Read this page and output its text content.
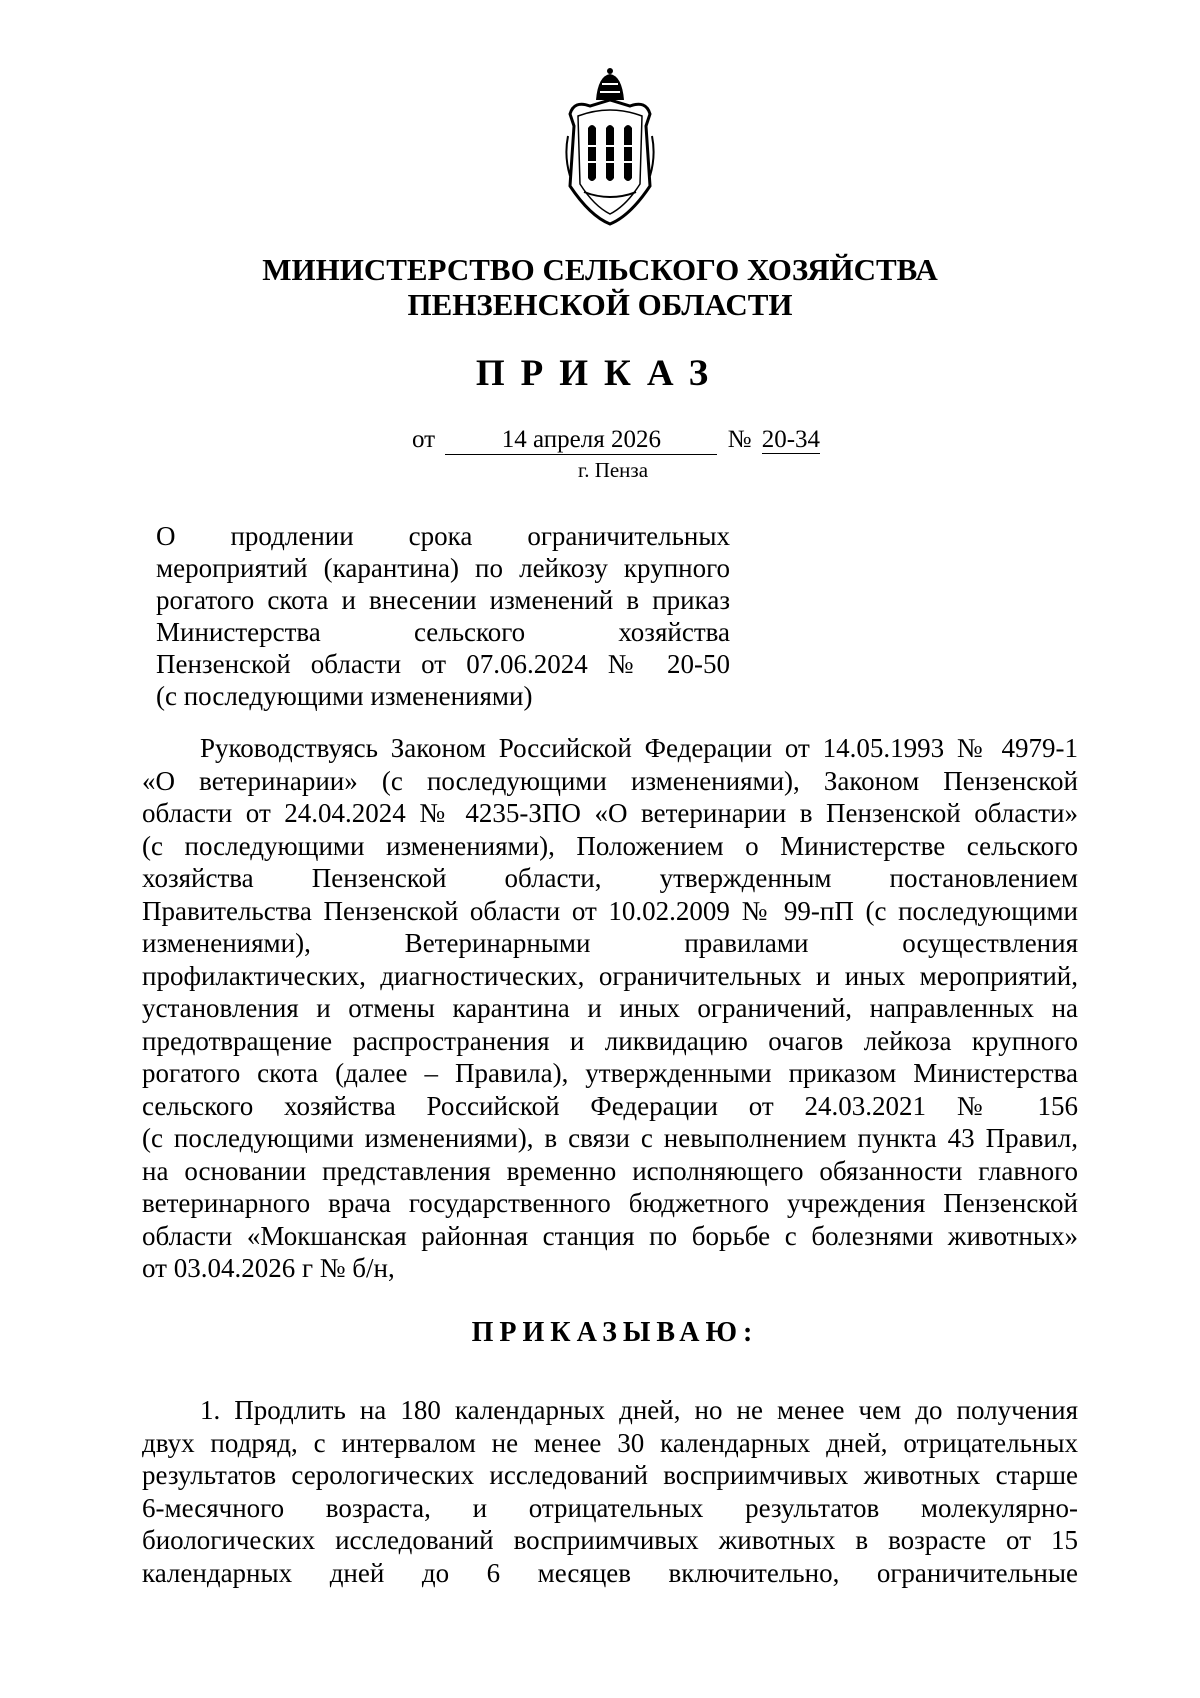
МИНИСТЕРСТВО СЕЛЬСКОГО ХОЗЯЙСТВА
ПЕНЗЕНСКОЙ ОБЛАСТИ
ПРИКАЗ
от	14 апреля 2026	№ 20-34
г. Пенза
О продлении срока ограничительных
мероприятий (карантина) по лейкозу крупного
рогатого скота и внесении изменений в приказ
Министерства сельского хозяйства
Пензенской области от 07.06.2024 № 20-50
(с последующими изменениями)
Руководствуясь Законом Российской Федерации от 14.05.1993 № 4979-1
«О ветеринарии» (с последующими изменениями), Законом Пензенской
области от 24.04.2024 № 4235-ЗПО «О ветеринарии в Пензенской области»
(с последующими изменениями), Положением о Министерстве сельского
хозяйства Пензенской области, утвержденным постановлением
Правительства Пензенской области от 10.02.2009 № 99-пП (с последующими
изменениями), Ветеринарными правилами осуществления
профилактических, диагностических, ограничительных и иных мероприятий,
установления и отмены карантина и иных ограничений, направленных на
предотвращение распространения и ликвидацию очагов лейкоза крупного
рогатого скота (далее – Правила), утвержденными приказом Министерства
сельского хозяйства Российской Федерации от 24.03.2021 № 156
(с последующими изменениями), в связи с невыполнением пункта 43 Правил,
на основании представления временно исполняющего обязанности главного
ветеринарного врача государственного бюджетного учреждения Пензенской
области «Мокшанская районная станция по борьбе с болезнями животных»
от 03.04.2026 г № б/н,
ПРИКАЗЫВАЮ:
1. Продлить на 180 календарных дней, но не менее чем до получения
двух подряд, с интервалом не менее 30 календарных дней, отрицательных
результатов серологических исследований восприимчивых животных старше
6-месячного возраста, и отрицательных результатов молекулярно-
биологических исследований восприимчивых животных в возрасте от 15
календарных дней до 6 месяцев включительно, ограничительные
